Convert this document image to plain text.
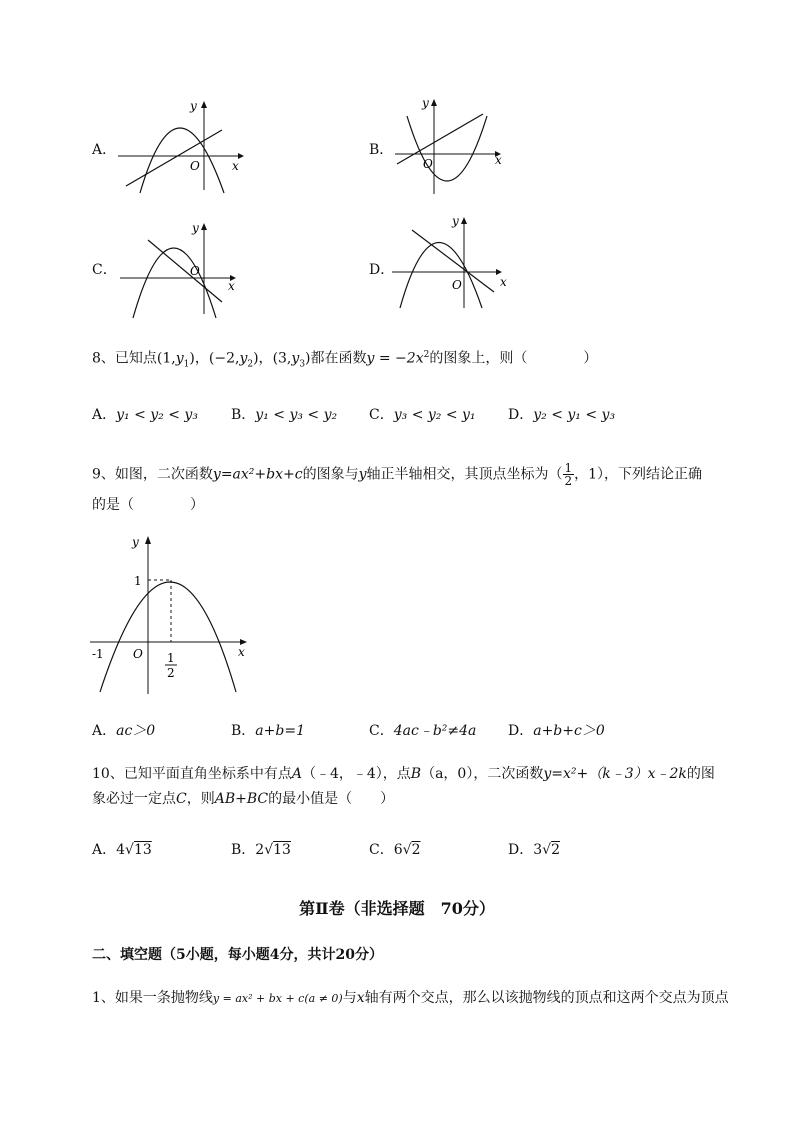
A．
y
x
O
B．
y
x
O
C．
y
x
O	D．
y
x
O
8、已知点$(1,y_1)$，$(-2,y_2)$，$(3,y_3)$都在函数$y = -2x^2$的图象上，则（　　　　）
A．y₁ < y₂ < y₃ B．y₁ < y₃ < y₂ C．y₃ < y₂ < y₁ D．y₂ < y₁ < y₃
9、如图，二次函数y=ax²+bx+c的图象与y轴正半轴相交，其顶点坐标为（ $\frac{1}{2}$ ，1），下列结论正确
的是（　　　　）
y
x
O
-1
1
1
2
A．ac＞0	B．a+b=1	C．4ac﹣b²≠4a D．a+b+c＞0
10、已知平面直角坐标系中有点A（﹣4，﹣4），点B（a，0），二次函数y=x²+（k﹣3）x﹣2k的图
象必过一定点C，则AB+BC的最小值是（　　）
A．4√13	B．2√13	C．6√2	D．3√2
第Ⅱ卷（非选择题　70分）
二、填空题（5小题，每小题4分，共计20分）
1、如果一条抛物线y = ax² + bx + c(a ≠ 0)与x轴有两个交点，那么以该抛物线的顶点和这两个交点为顶点
